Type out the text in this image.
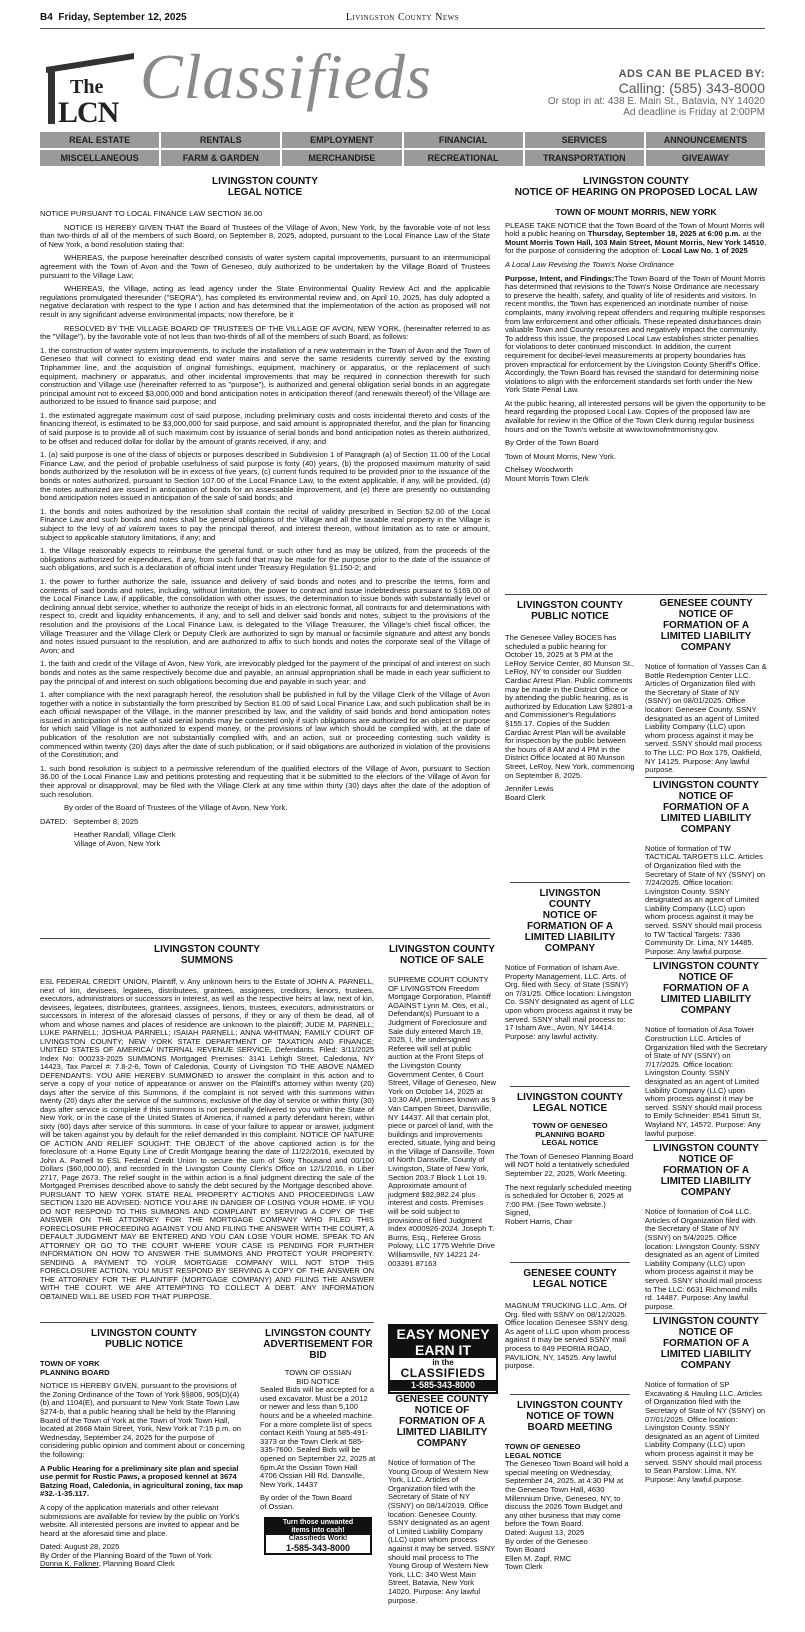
B4 Friday, September 12, 2025	Livingston County News
The
LCN
Classifieds	ADS CAN BE PLACED BY:
Calling: (585) 343-8000
Or stop in at: 438 E. Main St., Batavia, NY 14020
Ad deadline is Friday at 2:00PM
REAL ESTATE	RENTALS	EMPLOYMENT	FINANCIAL	SERVICES	ANNOUNCEMENTS
MISCELLANEOUS	FARM & GARDEN	MERCHANDISE	RECREATIONAL	TRANSPORTATION	GIVEAWAY
LIVINGSTON COUNTY
LEGAL NOTICE

NOTICE PURSUANT TO LOCAL FINANCE LAW SECTION 36.00

NOTICE IS HEREBY GIVEN THAT the Board of Trustees of the Village of Avon, New York, by the favorable vote of not less than two-thirds of all of the members of such Board, on September 8, 2025, adopted, pursuant to the Local Finance Law of the State of New York, a bond resolution stating that:

WHEREAS, the purpose hereinafter described consists of water system capital improvements, pursuant to an intermunicipal agreement with the Town of Avon and the Town of Geneseo, duly authorized to be undertaken by the Village Board of Trustees pursuant to the Village Law;

WHEREAS, the Village, acting as lead agency under the State Environmental Quality Review Act and the applicable regulations promulgated thereunder ("SEQRA"), has completed its environmental review and, on April 10, 2025, has duly adopted a negative declaration with respect to the type I action and has determined that the implementation of the action as proposed will not result in any significant adverse environmental impacts; now therefore, be it

RESOLVED BY THE VILLAGE BOARD OF TRUSTEES OF THE VILLAGE OF AVON, NEW YORK, (hereinafter referred to as the "Village"), by the favorable vote of not less than two-thirds of all of the members of such Board, as follows:

1. the construction of water system improvements, to include the installation of a new watermain in the Town of Avon and the Town of Geneseo that will connect to existing dead end water mains and serve the same residents currently served by the existing Triphammer line, and the acquisition of original furnishings, equipment, machinery or apparatus, or the replacement of such equipment, machinery or apparatus, and other incidental improvements that may be required in connection therewith for such construction and Village use (hereinafter referred to as "purpose"), is authorized and general obligation serial bonds in an aggregate principal amount not to exceed $3,000,000 and bond anticipation notes in anticipation thereof (and renewals thereof) of the Village are authorized to be issued to finance said purpose; and

1. the estimated aggregate maximum cost of said purpose, including preliminary costs and costs incidental thereto and costs of the financing thereof, is estimated to be $3,000,000 for said purpose, and said amount is appropriated therefor, and the plan for financing of said purpose is to provide all of such maximum cost by issuance of serial bonds and bond anticipation notes as therein authorized, to be offset and reduced dollar for dollar by the amount of grants received, if any; and

1. (a) said purpose is one of the class of objects or purposes described in Subdivision 1 of Paragraph (a) of Section 11.00 of the Local Finance Law, and the period of probable usefulness of said purpose is forty (40) years, (b) the proposed maximum maturity of said bonds authorized by the resolution will be in excess of five years, (c) current funds required to be provided prior to the issuance of the bonds or notes authorized, pursuant to Section 107.00 of the Local Finance Law, to the extent applicable, if any, will be provided, (d) the notes authorized are issued in anticipation of bonds for an assessable improvement, and (e) there are presently no outstanding bond anticipation notes issued in anticipation of the sale of said bonds; and

1. the bonds and notes authorized by the resolution shall contain the recital of validity prescribed in Section 52.00 of the Local Finance Law and such bonds and notes shall be general obligations of the Village and all the taxable real property in the Village is subject to the levy of ad valorem taxes to pay the principal thereof, and interest thereon, without limitation as to rate or amount, subject to applicable statutory limitations, if any; and

1. the Village reasonably expects to reimburse the general fund, or such other fund as may be utilized, from the proceeds of the obligations authorized for expenditures, if any, from such fund that may be made for the purpose prior to the date of the issuance of such obligations, and such is a declaration of official intent under Treasury Regulation §1.150-2; and

1. the power to further authorize the sale, issuance and delivery of said bonds and notes and to prescribe the terms, form and contents of said bonds and notes, including, without limitation, the power to contract and issue indebtedness pursuant to §169.00 of the Local Finance Law, if applicable, the consolidation with other issues, the determination to issue bonds with substantially level or declining annual debt service, whether to authorize the receipt of bids in an electronic format, all contracts for and determinations with respect to, credit and liquidity enhancements, if any, and to sell and deliver said bonds and notes, subject to the provisions of the resolution and the provisions of the Local Finance Law, is delegated to the Village Treasurer, the Village's chief fiscal officer, the Village Treasurer and the Village Clerk or Deputy Clerk are authorized to sign by manual or facsimile signature and attest any bonds and notes issued pursuant to the resolution, and are authorized to affix to such bonds and notes the corporate seal of the Village of Avon; and

1. the faith and credit of the Village of Avon, New York, are irrevocably pledged for the payment of the principal of and interest on such bonds and notes as the same respectively become due and payable, an annual appropriation shall be made in each year sufficient to pay the principal of and interest on such obligations becoming due and payable in such year; and

1. after compliance with the next paragraph hereof, the resolution shall be published in full by the Village Clerk of the Village of Avon together with a notice in substantially the form prescribed by Section 81.00 of said Local Finance Law, and such publication shall be in each official newspaper of the Village, in the manner prescribed by law, and the validity of said bonds and bond anticipation notes issued in anticipation of the sale of said serial bonds may be contested only if such obligations are authorized for an object or purpose for which said Village is not authorized to expend money, or the provisions of law which should be complied with, at the date of publication of the resolution are not substantially complied with, and an action, suit or proceeding contesting such validity is commenced within twenty (20) days after the date of such publication; or if said obligations are authorized in violation of the provisions of the Constitution; and

1. such bond resolution is subject to a permissive referendum of the qualified electors of the Village of Avon, pursuant to Section 36.00 of the Local Finance Law and petitions protesting and requesting that it be submitted to the electors of the Village of Avon for their approval or disapproval, may be filed with the Village Clerk at any time within thirty (30) days after the date of the adoption of such resolution.

By order of the Board of Trustees of the Village of Avon, New York.

DATED: September 8, 2025

Heather Randall, Village Clerk

Village of Avon, New York

LIVINGSTON COUNTY
NOTICE OF HEARING ON PROPOSED LOCAL LAW

TOWN OF MOUNT MORRIS, NEW YORK

PLEASE TAKE NOTICE that the Town Board of the Town of Mount Morris will hold a public hearing on Thursday, September 18, 2025 at 6:00 p.m. at the Mount Morris Town Hall, 103 Main Street, Mount Morris, New York 14510, for the purpose of considering the adoption of: Local Law No. 1 of 2025

A Local Law Revising the Town's Noise Ordinance

Purpose, Intent, and Findings:The Town Board of the Town of Mount Morris has determined that revisions to the Town's Noise Ordinance are necessary to preserve the health, safety, and quality of life of residents and visitors. In recent months, the Town has experienced an inordinate number of noise complaints, many involving repeat offenders and requiring multiple responses from law enforcement and other officials. These repeated disturbances drain valuable Town and County resources and negatively impact the community. To address this issue, the proposed Local Law establishes stricter penalties for violations to deter continued misconduct. In addition, the current requirement for decibel-level measurements at property boundaries has proven impractical for enforcement by the Livingston County Sheriff's Office. Accordingly, the Town Board has revised the standard for determining noise violations to align with the enforcement standards set forth under the New York State Penal Law.

At the public hearing, all interested persons will be given the opportunity to be heard regarding the proposed Local Law. Copies of the proposed law are available for review in the Office of the Town Clerk during regular business hours and on the Town's website at www.townofmtmorrisny.gov.

By Order of the Town Board

Town of Mount Morris, New York.

Chelsey Woodworth

Mount Morris Town Clerk

LIVINGSTON COUNTY
PUBLIC NOTICE

The Genesee Valley BOCES has scheduled a public hearing for October 15, 2025 at 5 PM at the LeRoy Service Center, 80 Munson St., LeRoy, NY to consider our Sudden Cardiac Arrest Plan. Public comments may be made in the District Office or by attending the public hearing, as is authorized by Education Law §2801-a and Commissioner's Regulations §155.17. Copies of the Sudden Cardiac Arrest Plan will be available for inspection by the public between the hours of 8 AM and 4 PM in the District Office located at 80 Munson Street, LeRoy, New York, commencing on September 8, 2025.

Jennifer Lewis

Board Clerk

LIVINGSTON
COUNTY
NOTICE OF
FORMATION OF A
LIMITED LIABILITY
COMPANY

Notice of Formation of Isham Ave. Property Management, LLC. Arts. of Org. filed with Secy. of State (SSNY) on 7/31/25. Office location: Livingston Co. SSNY designated as agent of LLC upon whom process against it may be served. SSNY shall mail process to: 17 Isham Ave., Avon, NY 14414. Purpose: any lawful activity.

LIVINGSTON COUNTY
LEGAL NOTICE

TOWN OF GENESEO

PLANNING BOARD

LEGAL NOTICE

The Town of Geneseo Planning Board will NOT hold a tentatively scheduled September 22, 2025, Work Meeting.

The next regularly scheduled meeting is scheduled for October 6, 2025 at 7:00 PM. (See Town website.)

Signed,

Robert Harris, Chair

GENESEE COUNTY
LEGAL NOTICE

MAGNUM TRUCKING LLC. Arts. Of Org. filed with SSNY on 08/12/2025. Office location Genesee SSNY desg. As agent of LLC upon whom process against it may be served SSNY mail process to 849 PEORIA ROAD, PAVILION, NY, 14525. Any lawful purpose.

LIVINGSTON COUNTY
NOTICE OF TOWN
BOARD MEETING

TOWN OF GENESEO

LEGAL NOTICE

The Geneseo Town Board will hold a special meeting on Wednesday, September 24, 2025, at 4:30 PM at the Geneseo Town Hall, 4630 Millennium Drive, Geneseo, NY, to discuss the 2026 Town Budget and any other business that may come before the Town Board.

Dated: August 13, 2025

By order of the Geneseo

Town Board

Ellen M. Zapf, RMC

Town Clerk

GENESEE COUNTY
NOTICE OF
FORMATION OF A
LIMITED LIABILITY
COMPANY
Notice of formation of Yasses Can & Bottle Redemption Center LLC. Articles of Organization filed with the Secretary of State of NY (SSNY) on 08/01/2025. Office location: Genesee County. SSNY designated as an agent of Limited Liability Company (LLC) upon whom process against it may be served. SSNY should mail process to The LLC: PO Box 175, Oakfield, NY 14125. Purpose: Any lawful purpose.
LIVINGSTON COUNTY
NOTICE OF
FORMATION OF A
LIMITED LIABILITY
COMPANY
Notice of formation of TW TACTICAL TARGETS LLC. Articles of Organization filed with the Secretary of State of NY (SSNY) on 7/24/2025. Office location: Livingston County. SSNY designated as an agent of Limited Liability Company (LLC) upon whom process against it may be served. SSNY should mail process to TW Tactical Targets: 7336 Community Dr. Lima, NY 14485. Purpose: Any lawful purpose.
LIVINGSTON COUNTY
NOTICE OF
FORMATION OF A
LIMITED LIABILITY
COMPANY
Notice of formation of Asa Tower Construction LLC. Articles of Organization filed with the Secretary of State of NY (SSNY) on 7/17/2025. Office location: Livingston County. SSNY designated as an agent of Limited Liability Company (LLC) upon whom process against it may be served. SSNY should mail process to Emily Schneider: 8541 Strutt St, Wayland NY, 14572. Purpose: Any lawful purpose.
LIVINGSTON COUNTY
NOTICE OF
FORMATION OF A
LIMITED LIABILITY
COMPANY
Notice of formation of Co4 LLC. Articles of Organization filed with the Secretary of State of NY (SSNY) on 5/4/2025. Office location: Livingston County. SSNY designated as an agent of Limited Liability Company (LLC) upon whom process against it may be served. SSNY should mail process to The LLC: 6631 Richmond mills rd. 14487. Purpose: Any lawful purpose.
LIVINGSTON COUNTY
NOTICE OF
FORMATION OF A
LIMITED LIABILITY
COMPANY
Notice of formation of SP Excavating & Hauling LLC. Articles of Organization filed with the Secretary of State of NY (SSNY) on 07/01/2025. Office location: Livingston County. SSNY designated as an agent of Limited Liability Company (LLC) upon whom process against it may be served. SSNY should mail process to Sean Parslow: Lima, NY. Purpose: Any lawful purpose.
LIVINGSTON COUNTY
SUMMONS
ESL FEDERAL CREDIT UNION, Plaintiff, v. Any unknown heirs to the Estate of JOHN A. PARNELL, next of kin, devisees, legatees, distributees, grantees, assignees, creditors, lienors, trustees, executors, administrators or successors in interest, as well as the respective heirs at law, next of kin, devisees, legatees, distributees, grantees, assignees, lienors, trustees, executors, administrators or successors in interest of the aforesaid classes of persons, if they or any of them be dead, all of whom and whose names and places of residence are unknown to the plaintiff; JUDE M. PARNELL; LUKE PARNELL; JOSHUA PARNELL; ISAIAH PARNELL; ANNA WHITMAN; FAMILY COURT OF LIVINGSTON COUNTY; NEW YORK STATE DEPARTMENT OF TAXATION AND FINANCE; UNITED STATES OF AMERICA/ INTERNAL REVENUE SERVICE, Defendants. Filed: 3/11/2025 Index No: 000233-2025 SUMMONS Mortgaged Premises: 3141 Lehigh Street, Caledonia, NY 14423, Tax Parcel #: 7.8-2-6, Town of Caledonia, County of Livingston TO THE ABOVE NAMED DEFENDANTS: YOU ARE HEREBY SUMMONED to answer the complaint in this action and to serve a copy of your notice of appearance or answer on the Plaintiff's attorney within twenty (20) days after the service of this Summons, if the complaint is not served with this summons within twenty (20) days after the service of the summons, exclusive of the day of service or within thirty (30) days after service is complete if this summons is not personally delivered to you within the State of New York, or in the case of the United States of America, if named a party defendant herein, within sixty (60) days after service of this summons. In case of your failure to appear or answer, judgment will be taken against you by default for the relief demanded in this complaint. NOTICE OF NATURE OF ACTION AND RELIEF SOUGHT: THE OBJECT of the above captioned action is for the foreclosure of: a Home Equity Line of Credit Mortgage bearing the date of 11/22/2016, executed by John A. Parnell to ESL Federal Credit Union to secure the sum of Sixty Thousand and 00/100 Dollars ($60,000.00), and recorded in the Livingston County Clerk's Office on 12/1/2016, in Liber 2717, Page 2673. The relief sought in the within action is a final judgment directing the sale of the Mortgaged Premises described above to satisfy the debt secured by the Mortgage described above. PURSUANT TO NEW YORK STATE REAL PROPERTY ACTIONS AND PROCEEDINGS LAW SECTION 1320 BE ADVISED: NOTICE YOU ARE IN DANGER OF LOSING YOUR HOME. IF YOU DO NOT RESPOND TO THIS SUMMONS AND COMPLAINT BY SERVING A COPY OF THE ANSWER ON THE ATTORNEY FOR THE MORTGAGE COMPANY WHO FILED THIS FORECLOSURE PROCEEDING AGAINST YOU AND FILING THE ANSWER WITH THE COURT, A DEFAULT JUDGMENT MAY BE ENTERED AND YOU CAN LOSE YOUR HOME. SPEAK TO AN ATTORNEY OR GO TO THE COURT WHERE YOUR CASE IS PENDING FOR FURTHER INFORMATION ON HOW TO ANSWER THE SUMMONS AND PROTECT YOUR PROPERTY. SENDING A PAYMENT TO YOUR MORTGAGE COMPANY WILL NOT STOP THIS FORECLOSURE ACTION. YOU MUST RESPOND BY SERVING A COPY OF THE ANSWER ON THE ATTORNEY FOR THE PLAINTIFF (MORTGAGE COMPANY) AND FILING THE ANSWER WITH THE COURT. WE ARE ATTEMPTING TO COLLECT A DEBT. ANY INFORMATION OBTAINED WILL BE USED FOR THAT PURPOSE.
LIVINGSTON COUNTY
NOTICE OF SALE
SUPREME COURT COUNTY OF LIVINGSTON Freedom Mortgage Corporation, Plaintiff AGAINST Lynn M. Otis, et al., Defendant(s) Pursuant to a Judgment of Foreclosure and Sale duly entered March 19, 2025, I, the undersigned Referee will sell at public auction at the Front Steps of the Livingston County Government Center, 6 Court Street, Village of Geneseo, New York on October 14, 2025 at 10:30 AM, premises known as 9 Van Campen Street, Dansville, NY 14437. All that certain plot, piece or parcel of land, with the buildings and improvements erected, situate, lying and being in the Village of Dansville, Town of North Dansville, County of Livingston, State of New York, Section 203.7 Block 1 Lot 19. Approximate amount of judgment $92,982.24 plus interest and costs. Premises will be sold subject to provisions of filed Judgment Index #000926-2024. Joseph T. Burns, Esq., Referee Gross Polowy, LLC 1775 Wehrle Drive Williamsville, NY 14221 24-003391 87163
EASY MONEY
EARN IT
in the
CLASSIFIEDS
1-585-343-8000
GENESEE COUNTY
NOTICE OF
FORMATION OF A
LIMITED LIABILITY
COMPANY
Notice of formation of The Young Group of Western New York, LLC. Articles of Organization filed with the Secretary of State of NY (SSNY) on 08/14/2019. Office location: Genesee County. SSNY designated as an agent of Limited Liability Company (LLC) upon whom process against it may be served. SSNY should mail process to The Young Group of Western New York, LLC: 340 West Main Street, Batavia, New York 14020. Purpose: Any lawful purpose.
LIVINGSTON COUNTY
PUBLIC NOTICE

TOWN OF YORK

PLANNING BOARD

NOTICE IS HEREBY GIVEN, pursuant to the provisions of the Zoning Ordinance of the Town of York §§806, 905(D)(4)(b) and 1104(E), and pursuant to New York State Town Law §274-b, that a public hearing shall be held by the Planning Board of the Town of York at the Town of York Town Hall, located at 2668 Main Street, York, New York at 7:15 p.m. on Wednesday, September 24, 2025 for the purpose of considering public opinion and comment about or concerning the following:

A Public Hearing for a preliminary site plan and special use permit for Rustic Paws, a proposed kennel at 3674 Batzing Road, Caledonia, in agricultural zoning, tax map #32.-1-35.117.

A copy of the application materials and other relevant submissions are available for review by the public on York's website. All interested persons are invited to appear and be heard at the aforesaid time and place.

Dated: August 28, 2025

By Order of the Planning Board of the Town of York

Donna K. Falkner, Planning Board Clerk

LIVINGSTON COUNTY
ADVERTISEMENT FOR
BID

TOWN OF OSSIAN

BID NOTICE

Sealed Bids will be accepted for a used excavator. Must be a 2012 or newer and less than 5,100 hours and be a wheeled machine. For a more complete list of specs contact Keith Young at 585-491-3373 or the Town Clerk at 585-335-7600. Sealed Bids will be opened on September 22, 2025 at 6pm.At the Ossian Town Hall 4706 Ossian Hill Rd. Dansville, New York, 14437

By order of the Town Board

of Ossian.

Turn those unwanted
items into cash!
Classifieds Work!
1-585-343-8000
